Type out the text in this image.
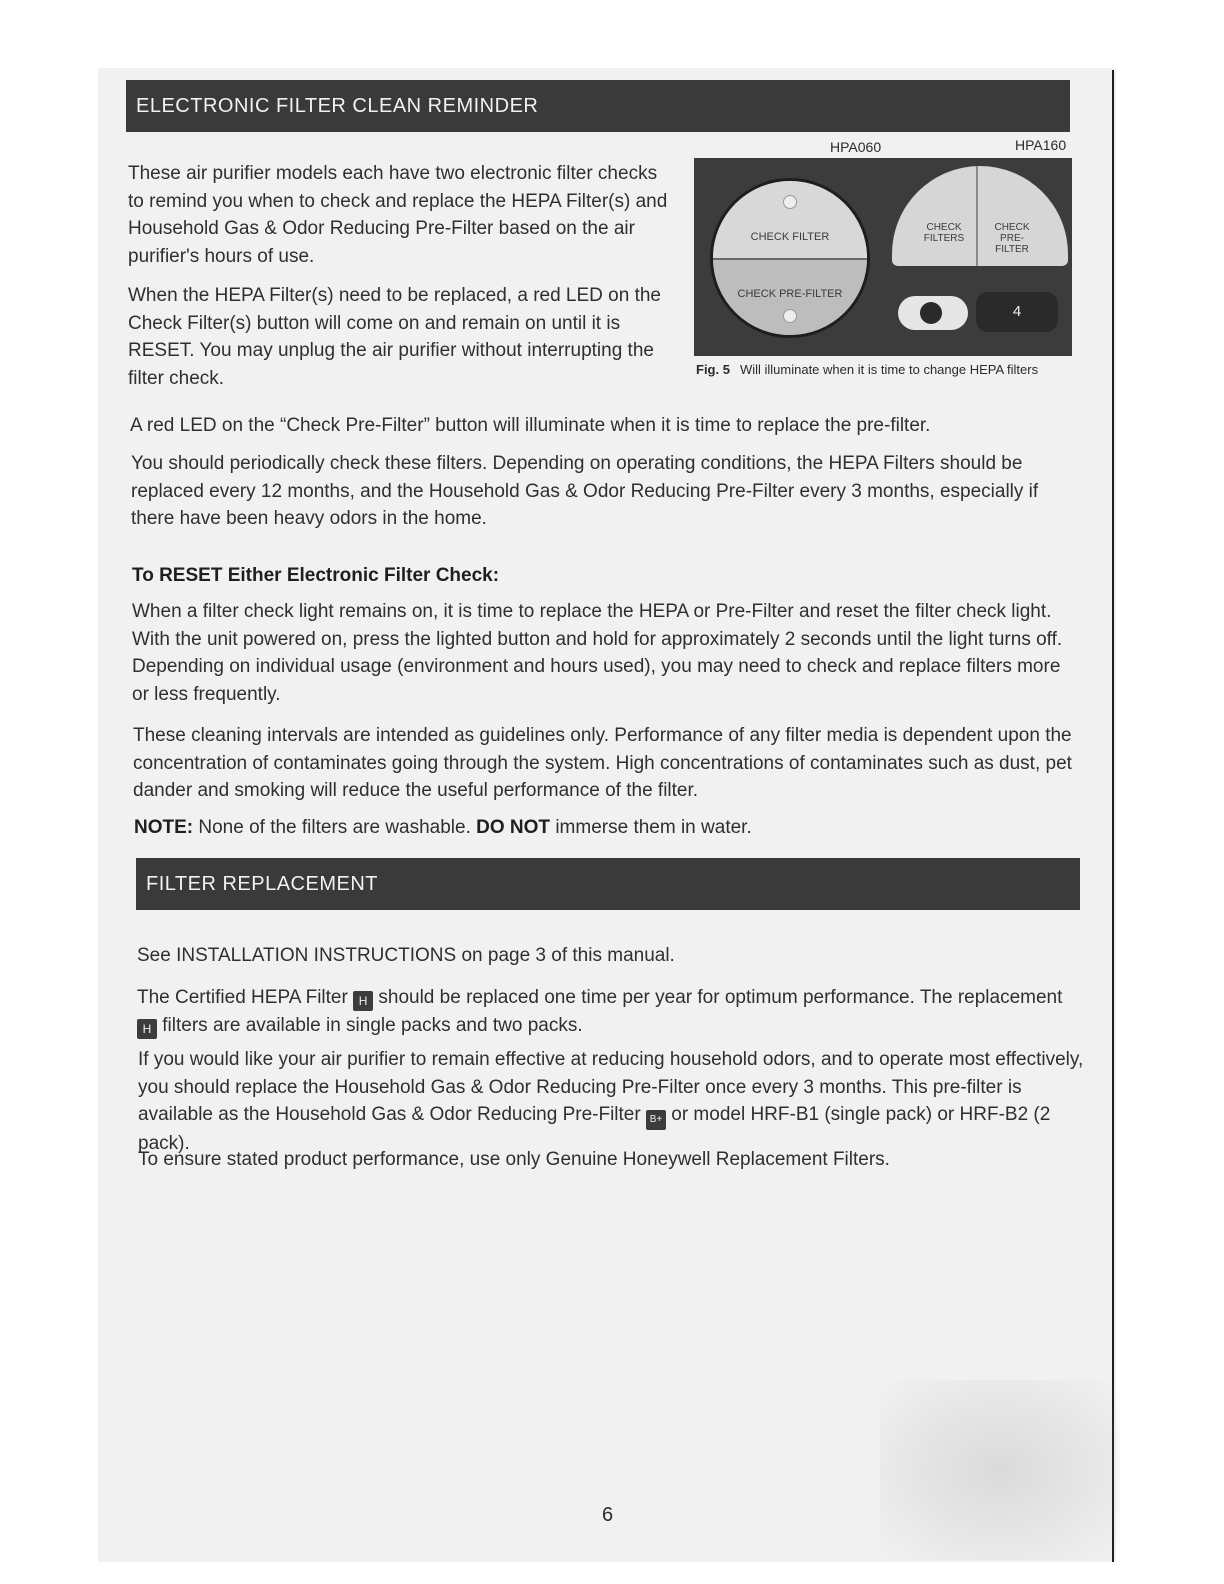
ELECTRONIC FILTER CLEAN REMINDER
HPA060	HPA160

These air purifier models each have two electronic filter checks to remind you when to check and replace the HEPA Filter(s) and Household Gas & Odor Reducing Pre-Filter based on the air purifier's hours of use.

When the HEPA Filter(s) need to be replaced, a red LED on the Check Filter(s) button will come on and remain on until it is RESET. You may unplug the air purifier without interrupting the filter check.

CHECK FILTER
CHECK PRE-FILTER
CHECK FILTERS
CHECK PRE-FILTER
4
Fig. 5 Will illuminate when it is time to change HEPA filters

A red LED on the “Check Pre-Filter” button will illuminate when it is time to replace the pre-filter.

You should periodically check these filters. Depending on operating conditions, the HEPA Filters should be replaced every 12 months, and the Household Gas & Odor Reducing Pre-Filter every 3 months, especially if there have been heavy odors in the home.

To RESET Either Electronic Filter Check:

When a filter check light remains on, it is time to replace the HEPA or Pre-Filter and reset the filter check light. With the unit powered on, press the lighted button and hold for approximately 2 seconds until the light turns off. Depending on individual usage (environment and hours used), you may need to check and replace filters more or less frequently.

These cleaning intervals are intended as guidelines only. Performance of any filter media is dependent upon the concentration of contaminates going through the system. High concentrations of contaminates such as dust, pet dander and smoking will reduce the useful performance of the filter.

NOTE: None of the filters are washable. DO NOT immerse them in water.

FILTER REPLACEMENT

See INSTALLATION INSTRUCTIONS on page 3 of this manual.

The Certified HEPA Filter H should be replaced one time per year for optimum performance. The replacement H filters are available in single packs and two packs.

If you would like your air purifier to remain effective at reducing household odors, and to operate most effectively, you should replace the Household Gas & Odor Reducing Pre-Filter once every 3 months. This pre-filter is available as the Household Gas & Odor Reducing Pre-Filter B+ or model HRF-B1 (single pack) or HRF-B2 (2 pack).

To ensure stated product performance, use only Genuine Honeywell Replacement Filters.

6
